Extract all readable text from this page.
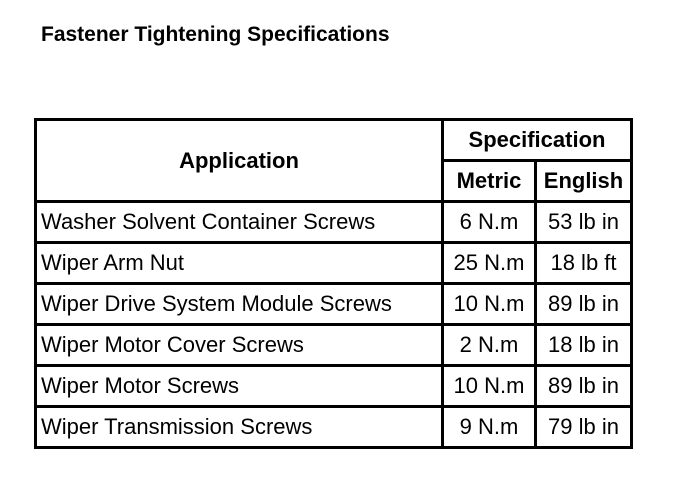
Fastener Tightening Specifications
Application	Specification	
	Metric	English
Washer Solvent Container Screws	6 N.m	53 lb in
Wiper Arm Nut	25 N.m	18 lb ft
Wiper Drive System Module Screws	10 N.m	89 lb in
Wiper Motor Cover Screws	2 N.m	18 lb in
Wiper Motor Screws	10 N.m	89 lb in
Wiper Transmission Screws	9 N.m	79 lb in
